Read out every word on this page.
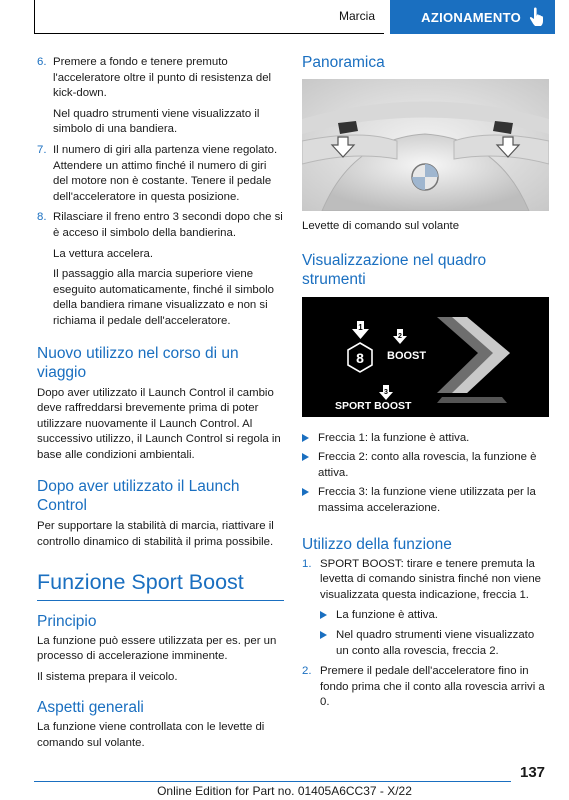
Marcia	AZIONAMENTO
6. Premere a fondo e tenere premuto l'acceleratore oltre il punto di resistenza del kick-down.
Nel quadro strumenti viene visualizzato il simbolo di una bandiera.
7. Il numero di giri alla partenza viene regolato. Attendere un attimo finché il numero di giri del motore non è costante. Tenere il pedale dell'acceleratore in questa posizione.
8. Rilasciare il freno entro 3 secondi dopo che si è acceso il simbolo della bandierina.
La vettura accelera.
Il passaggio alla marcia superiore viene eseguito automaticamente, finché il simbolo della bandiera rimane visualizzato e non si richiama il pedale dell'acceleratore.
Nuovo utilizzo nel corso di un viaggio
Dopo aver utilizzato il Launch Control il cambio deve raffreddarsi brevemente prima di poter utilizzare nuovamente il Launch Control. Al successivo utilizzo, il Launch Control si regola in base alle condizioni ambientali.
Dopo aver utilizzato il Launch Control
Per supportare la stabilità di marcia, riattivare il controllo dinamico di stabilità il prima possibile.
Funzione Sport Boost
Principio
La funzione può essere utilizzata per es. per un processo di accelerazione imminente.
Il sistema prepara il veicolo.
Aspetti generali
La funzione viene controllata con le levette di comando sul volante.
Panoramica
Levette di comando sul volante
Visualizzazione nel quadro strumenti
8
1
2
BOOST
3
SPORT BOOST
Freccia 1: la funzione è attiva.
Freccia 2: conto alla rovescia, la funzione è attiva.
Freccia 3: la funzione viene utilizzata per la massima accelerazione.
Utilizzo della funzione
1. SPORT BOOST: tirare e tenere premuta la levetta di comando sinistra finché non viene visualizzata questa indicazione, freccia 1.
La funzione è attiva.
Nel quadro strumenti viene visualizzato un conto alla rovescia, freccia 2.
2. Premere il pedale dell'acceleratore fino in fondo prima che il conto alla rovescia arrivi a 0.
137
Online Edition for Part no. 01405A6CC37 - X/22
